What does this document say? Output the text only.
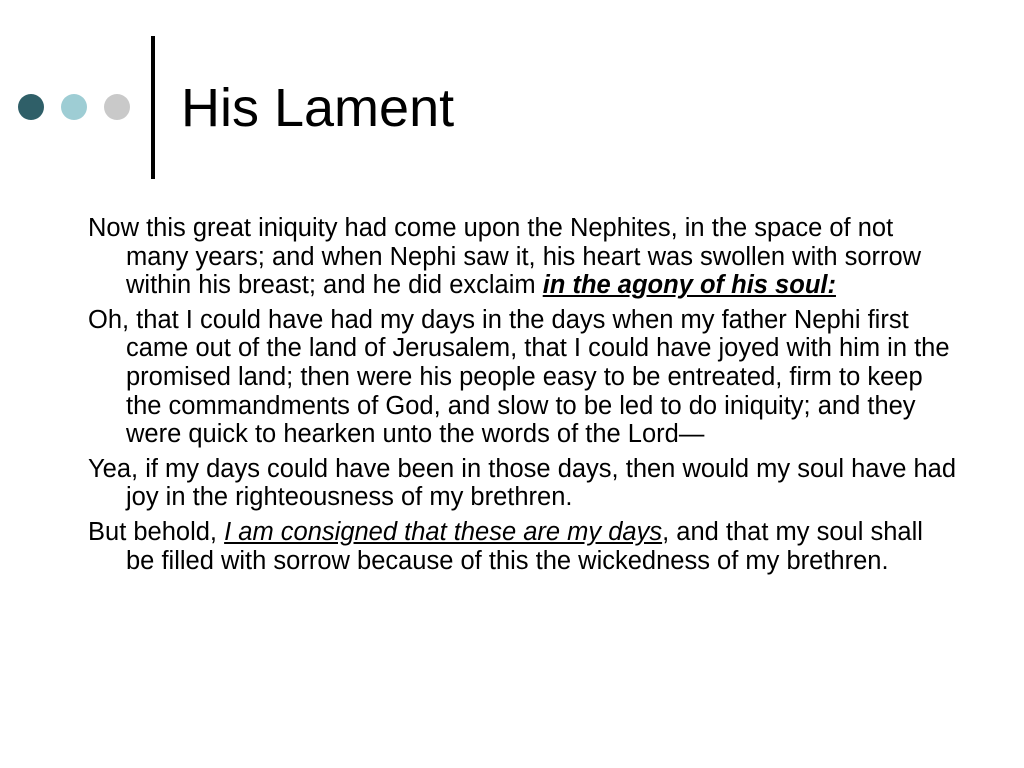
His Lament

Now this great iniquity had come upon the Nephites, in the space of not many years; and when Nephi saw it, his heart was swollen with sorrow within his breast; and he did exclaim in the agony of his soul:

Oh, that I could have had my days in the days when my father Nephi first came out of the land of Jerusalem, that I could have joyed with him in the promised land; then were his people easy to be entreated, firm to keep the commandments of God, and slow to be led to do iniquity; and they were quick to hearken unto the words of the Lord—

Yea, if my days could have been in those days, then would my soul have had joy in the righteousness of my brethren.

But behold, I am consigned that these are my days, and that my soul shall be filled with sorrow because of this the wickedness of my brethren.
